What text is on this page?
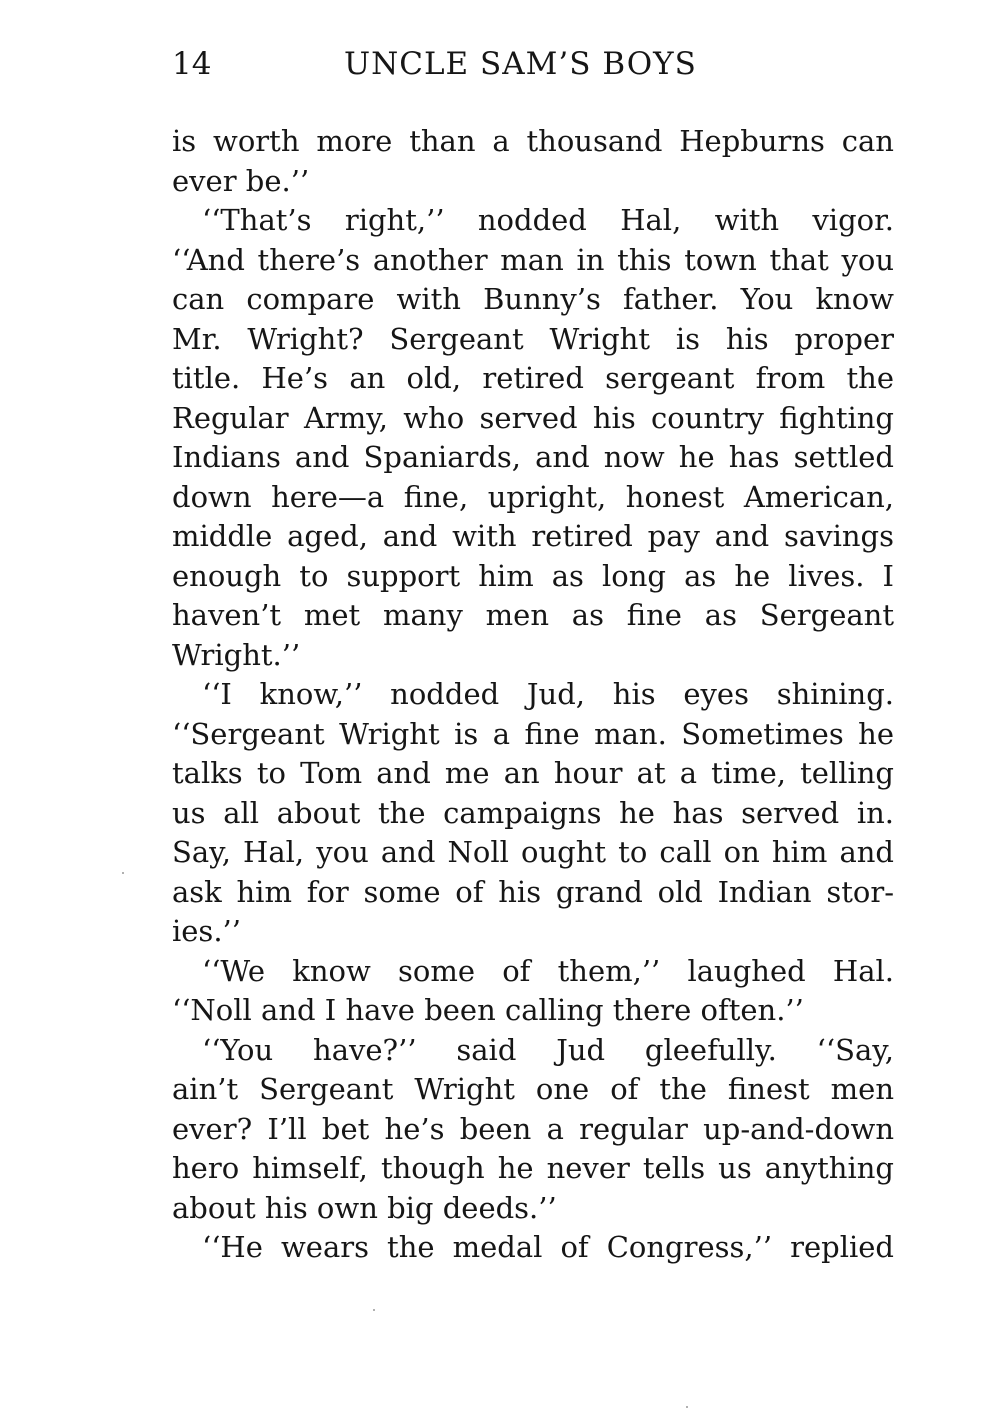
14	UNCLE SAM’S BOYS
is worth more than a thousand Hepburns can
ever be.’’
‘‘That’s right,’’ nodded Hal, with vigor.
‘‘And there’s another man in this town that you
can compare with Bunny’s father. You know
Mr. Wright? Sergeant Wright is his proper
title. He’s an old, retired sergeant from the
Regular Army, who served his country fighting
Indians and Spaniards, and now he has settled
down here—a fine, upright, honest American,
middle aged, and with retired pay and savings
enough to support him as long as he lives. I
haven’t met many men as fine as Sergeant
Wright.’’
‘‘I know,’’ nodded Jud, his eyes shining.
‘‘Sergeant Wright is a fine man. Sometimes he
talks to Tom and me an hour at a time, telling
us all about the campaigns he has served in.
Say, Hal, you and Noll ought to call on him and
ask him for some of his grand old Indian stor-
ies.’’
‘‘We know some of them,’’ laughed Hal.
‘‘Noll and I have been calling there often.’’
‘‘You have?’’ said Jud gleefully. ‘‘Say,
ain’t Sergeant Wright one of the finest men
ever? I’ll bet he’s been a regular up-and-down
hero himself, though he never tells us anything
about his own big deeds.’’
‘‘He wears the medal of Congress,’’ replied
